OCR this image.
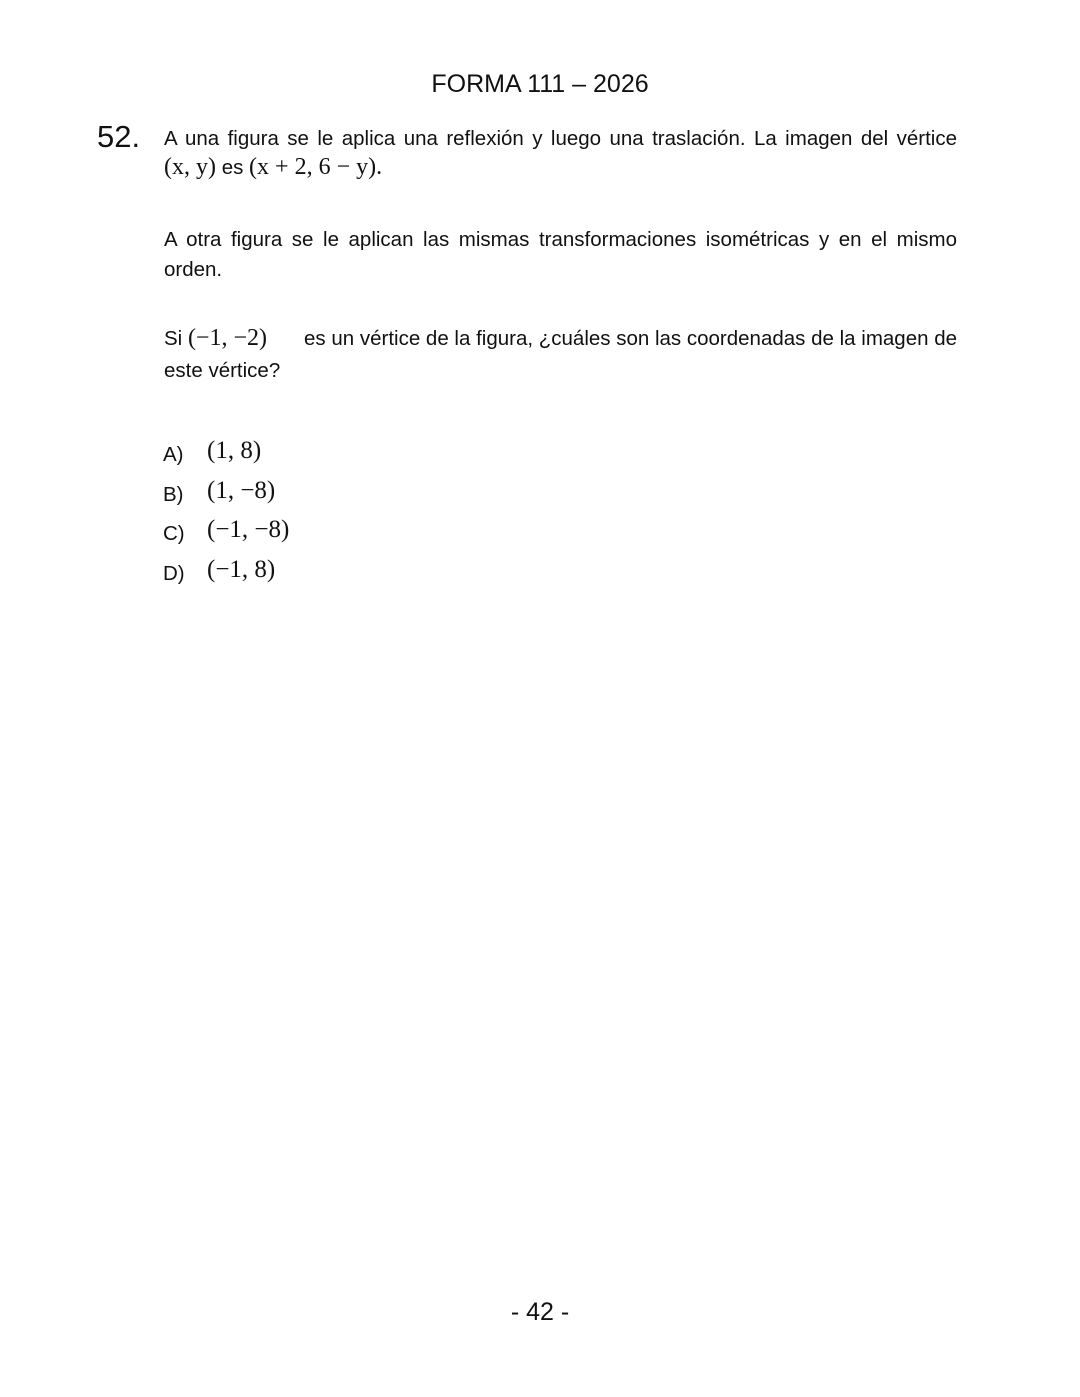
FORMA 111 – 2026
52. A una figura se le aplica una reflexión y luego una traslación. La imagen del vértice
(x, y) es (x + 2, 6 − y).
A otra figura se le aplican las mismas transformaciones isométricas y en el mismo
orden.
Si (−1, −2) es un vértice de la figura, ¿cuáles son las coordenadas de la imagen de
este vértice?
A) (1, 8)
B) (1, −8)
C) (−1, −8)
D) (−1, 8)
- 42 -
